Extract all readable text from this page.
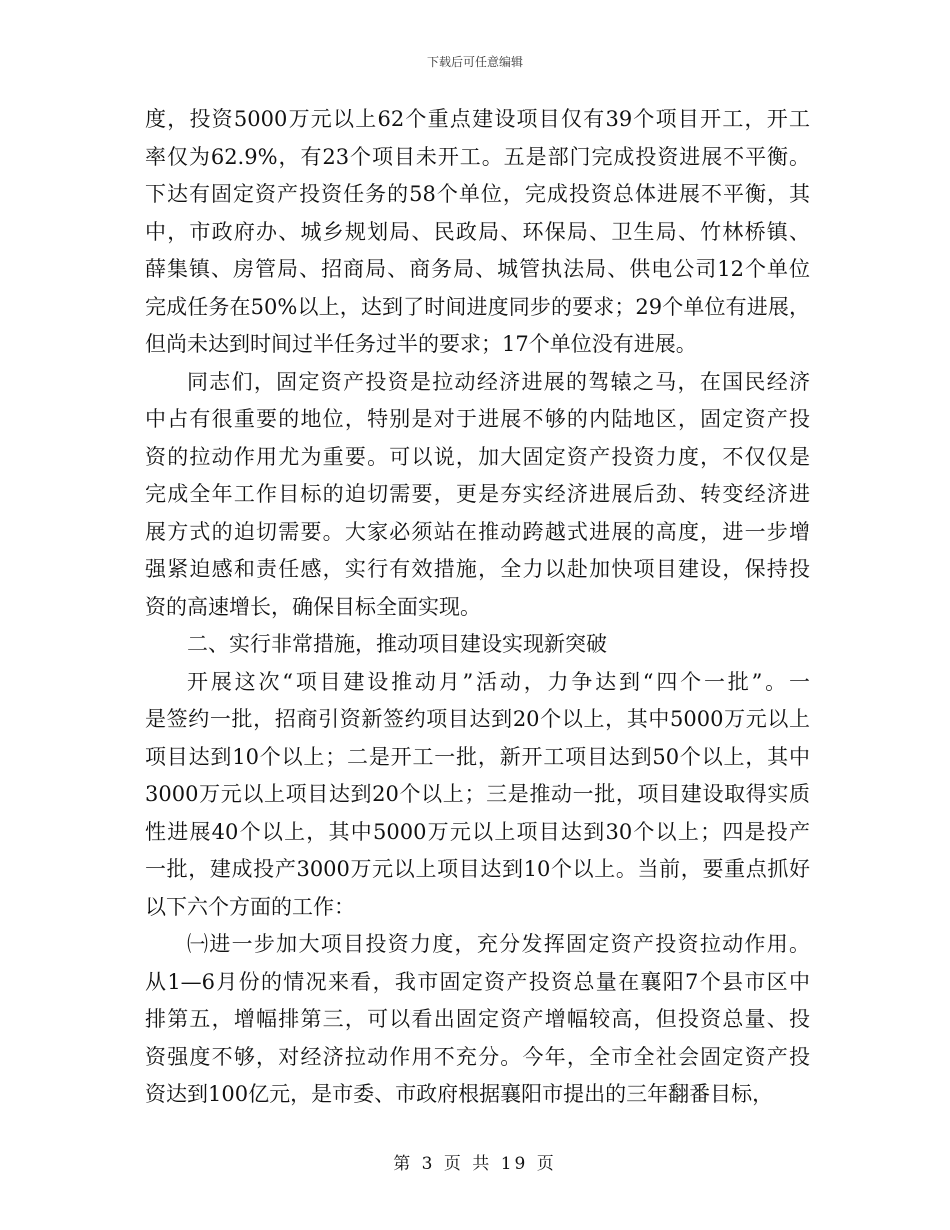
下载后可任意编辑
度，投资5000万元以上62个重点建设项目仅有39个项目开工，开工
率仅为62.9%，有23个项目未开工。五是部门完成投资进展不平衡。
下达有固定资产投资任务的58个单位，完成投资总体进展不平衡，其
中，市政府办、城乡规划局、民政局、环保局、卫生局、竹林桥镇、
薛集镇、房管局、招商局、商务局、城管执法局、供电公司12个单位
完成任务在50%以上，达到了时间进度同步的要求；29个单位有进展，
但尚未达到时间过半任务过半的要求；17个单位没有进展。
同志们，固定资产投资是拉动经济进展的驾辕之马，在国民经济
中占有很重要的地位，特别是对于进展不够的内陆地区，固定资产投
资的拉动作用尤为重要。可以说，加大固定资产投资力度，不仅仅是
完成全年工作目标的迫切需要，更是夯实经济进展后劲、转变经济进
展方式的迫切需要。大家必须站在推动跨越式进展的高度，进一步增
强紧迫感和责任感，实行有效措施，全力以赴加快项目建设，保持投
资的高速增长，确保目标全面实现。
二、实行非常措施，推动项目建设实现新突破
开展这次“项目建设推动月”活动，力争达到“四个一批”。一
是签约一批，招商引资新签约项目达到20个以上，其中5000万元以上
项目达到10个以上；二是开工一批，新开工项目达到50个以上，其中
3000万元以上项目达到20个以上；三是推动一批，项目建设取得实质
性进展40个以上，其中5000万元以上项目达到30个以上；四是投产
一批，建成投产3000万元以上项目达到10个以上。当前，要重点抓好
以下六个方面的工作：
㈠进一步加大项目投资力度，充分发挥固定资产投资拉动作用。
从1—6月份的情况来看，我市固定资产投资总量在襄阳7个县市区中
排第五，增幅排第三，可以看出固定资产增幅较高，但投资总量、投
资强度不够，对经济拉动作用不充分。今年，全市全社会固定资产投
资达到100亿元，是市委、市政府根据襄阳市提出的三年翻番目标，
第 3 页 共 19 页
